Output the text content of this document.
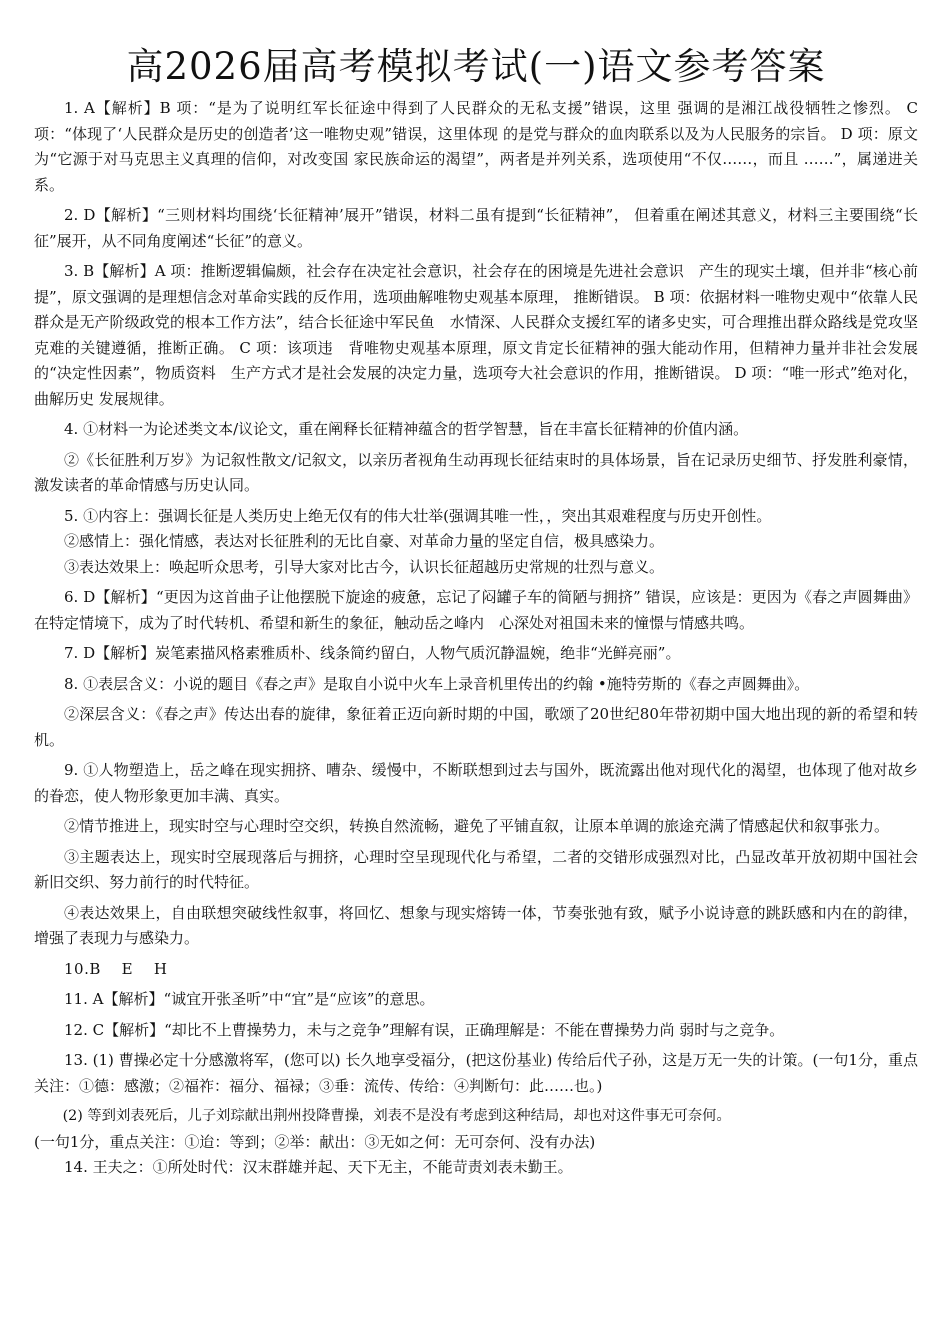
高2026届高考模拟考试(一)语文参考答案

1. A【解析】B 项：“是为了说明红军长征途中得到了人民群众的无私支援”错误，这里 强调的是湘江战役牺牲之惨烈。 C 项：“体现了‘人民群众是历史的创造者’这一唯物史观”错误，这里体现 的是党与群众的血肉联系以及为人民服务的宗旨。 D 项：原文为“它源于对马克思主义真理的信仰，对改变国 家民族命运的渴望”，两者是并列关系，选项使用“不仅……，而且 ……”，属递进关系。

2. D【解析】“三则材料均围绕‘长征精神’展开”错误，材料二虽有提到“长征精神”， 但着重在阐述其意义，材料三主要围绕“长征”展开，从不同角度阐述“长征”的意义。

3. B【解析】A 项：推断逻辑偏颇，社会存在决定社会意识，社会存在的困境是先进社会意识　产生的现实土壤，但并非“核心前提”，原文强调的是理想信念对革命实践的反作用，选项曲解唯物史观基本原理， 推断错误。 B 项：依据材料一唯物史观中“依靠人民群众是无产阶级政党的根本工作方法”，结合长征途中军民鱼　水情深、人民群众支援红军的诸多史实，可合理推出群众路线是党攻坚克难的关键遵循，推断正确。 C 项：该项违　背唯物史观基本原理，原文肯定长征精神的强大能动作用，但精神力量并非社会发展的“决定性因素”，物质资料　生产方式才是社会发展的决定力量，选项夸大社会意识的作用，推断错误。 D 项：“唯一形式”绝对化，曲解历史 发展规律。

4. ①材料一为论述类文本/议论文，重在阐释长征精神蕴含的哲学智慧，旨在丰富长征精神的价值内涵。

②《长征胜利万岁》为记叙性散文/记叙文，以亲历者视角生动再现长征结束时的具体场景，旨在记录历史细节、抒发胜利豪情，激发读者的革命情感与历史认同。

5. ①内容上：强调长征是人类历史上绝无仅有的伟大壮举(强调其唯一性，，突出其艰难程度与历史开创性。

②感情上：强化情感，表达对长征胜利的无比自豪、对革命力量的坚定自信，极具感染力。

③表达效果上：唤起听众思考，引导大家对比古今，认识长征超越历史常规的壮烈与意义。

6. D【解析】“更因为这首曲子让他摆脱下旋途的疲惫，忘记了闷罐子车的简陋与拥挤” 错误，应该是：更因为《春之声圆舞曲》在特定情境下，成为了时代转机、希望和新生的象征，触动岳之峰内　心深处对祖国未来的憧憬与情感共鸣。

7. D【解析】炭笔素描风格素雅质朴、线条简约留白，人物气质沉静温婉，绝非“光鲜亮丽”。

8. ①表层含义：小说的题目《春之声》是取自小说中火车上录音机里传出的约翰 •施特劳斯的《春之声圆舞曲》。

②深层含义：《春之声》传达出春的旋律，象征着正迈向新时期的中国，歌颂了20世纪80年带初期中国大地出现的新的希望和转机。

9. ①人物塑造上，岳之峰在现实拥挤、嘈杂、缓慢中，不断联想到过去与国外，既流露出他对现代化的渴望，也体现了他对故乡的眷恋，使人物形象更加丰满、真实。

②情节推进上，现实时空与心理时空交织，转换自然流畅，避免了平铺直叙，让原本单调的旅途充满了情感起伏和叙事张力。

③主题表达上，现实时空展现落后与拥挤，心理时空呈现现代化与希望，二者的交错形成强烈对比，凸显改革开放初期中国社会新旧交织、努力前行的时代特征。

④表达效果上，自由联想突破线性叙事，将回忆、想象与现实熔铸一体，节奏张弛有致，赋予小说诗意的跳跃感和内在的韵律，增强了表现力与感染力。

10.B　 E　 H

11. A【解析】“诚宜开张圣听”中“宜”是“应该”的意思。

12. C【解析】“却比不上曹操势力，未与之竞争”理解有误，正确理解是：不能在曹操势力尚 弱时与之竞争。

13. (1) 曹操必定十分感激将军，(您可以) 长久地享受福分，(把这份基业) 传给后代子孙，这是万无一失的计策。(一句1分，重点关注：①德：感激；②福祚：福分、福禄；③垂：流传、传给：④判断句：此……也。)

(2) 等到刘表死后，儿子刘琮献出荆州投降曹操，刘表不是没有考虑到这种结局，却也对这件事无可奈何。

(一句1分，重点关注：①迨：等到；②举：献出：③无如之何：无可奈何、没有办法)

14. 王夫之：①所处时代：汉末群雄并起、天下无主，不能苛责刘表未勤王。
